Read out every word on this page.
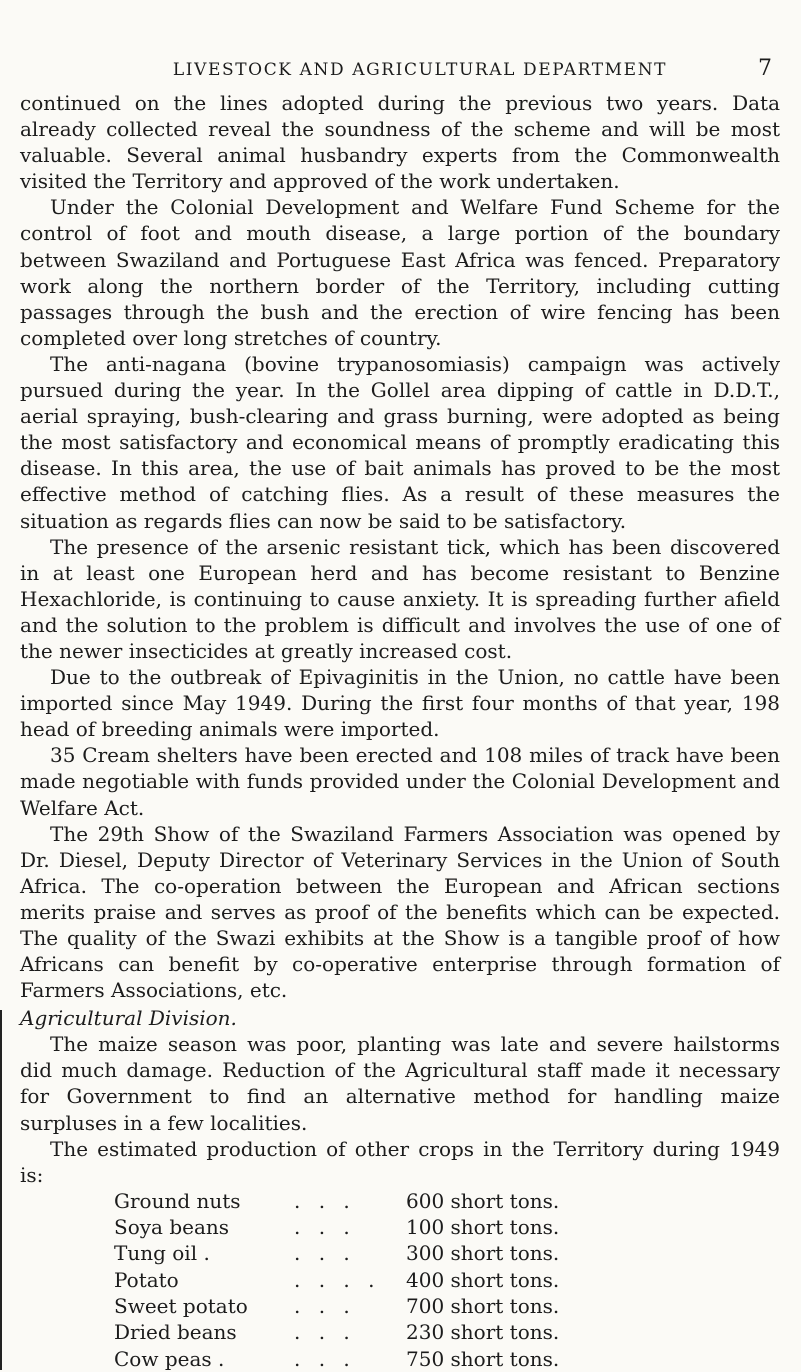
LIVESTOCK AND AGRICULTURAL DEPARTMENT	7

continued on the lines adopted during the previous two years. Data already collected reveal the soundness of the scheme and will be most valuable. Several animal husbandry experts from the Commonwealth visited the Territory and approved of the work undertaken.

Under the Colonial Development and Welfare Fund Scheme for the control of foot and mouth disease, a large portion of the boundary between Swaziland and Portuguese East Africa was fenced. Preparatory work along the northern border of the Territory, including cutting passages through the bush and the erection of wire fencing has been completed over long stretches of country.

The anti-nagana (bovine trypanosomiasis) campaign was actively pursued during the year. In the Gollel area dipping of cattle in D.D.T., aerial spraying, bush-clearing and grass burning, were adopted as being the most satisfactory and economical means of promptly eradicating this disease. In this area, the use of bait animals has proved to be the most effective method of catching flies. As a result of these measures the situation as regards flies can now be said to be satisfactory.

The presence of the arsenic resistant tick, which has been discovered in at least one European herd and has become resistant to Benzine Hexachloride, is continuing to cause anxiety. It is spreading further afield and the solution to the problem is difficult and involves the use of one of the newer insecticides at greatly increased cost.

Due to the outbreak of Epivaginitis in the Union, no cattle have been imported since May 1949. During the first four months of that year, 198 head of breeding animals were imported.

35 Cream shelters have been erected and 108 miles of track have been made negotiable with funds provided under the Colonial Development and Welfare Act.

The 29th Show of the Swaziland Farmers Association was opened by Dr. Diesel, Deputy Director of Veterinary Services in the Union of South Africa. The co-operation between the European and African sections merits praise and serves as proof of the benefits which can be expected. The quality of the Swazi exhibits at the Show is a tangible proof of how Africans can benefit by co-operative enterprise through formation of Farmers Associations, etc.

Agricultural Division.

The maize season was poor, planting was late and severe hailstorms did much damage. Reduction of the Agricultural staff made it necessary for Government to find an alternative method for handling maize surpluses in a few localities.

The estimated production of other crops in the Territory during 1949 is:

Ground nuts	. . .	600 short tons.
Soya beans	. . .	100 short tons.
Tung oil .	. . .	300 short tons.
Potato	. . . .	400 short tons.
Sweet potato	. . .	700 short tons.
Dried beans	. . .	230 short tons.
Cow peas .	. . .	750 short tons.
